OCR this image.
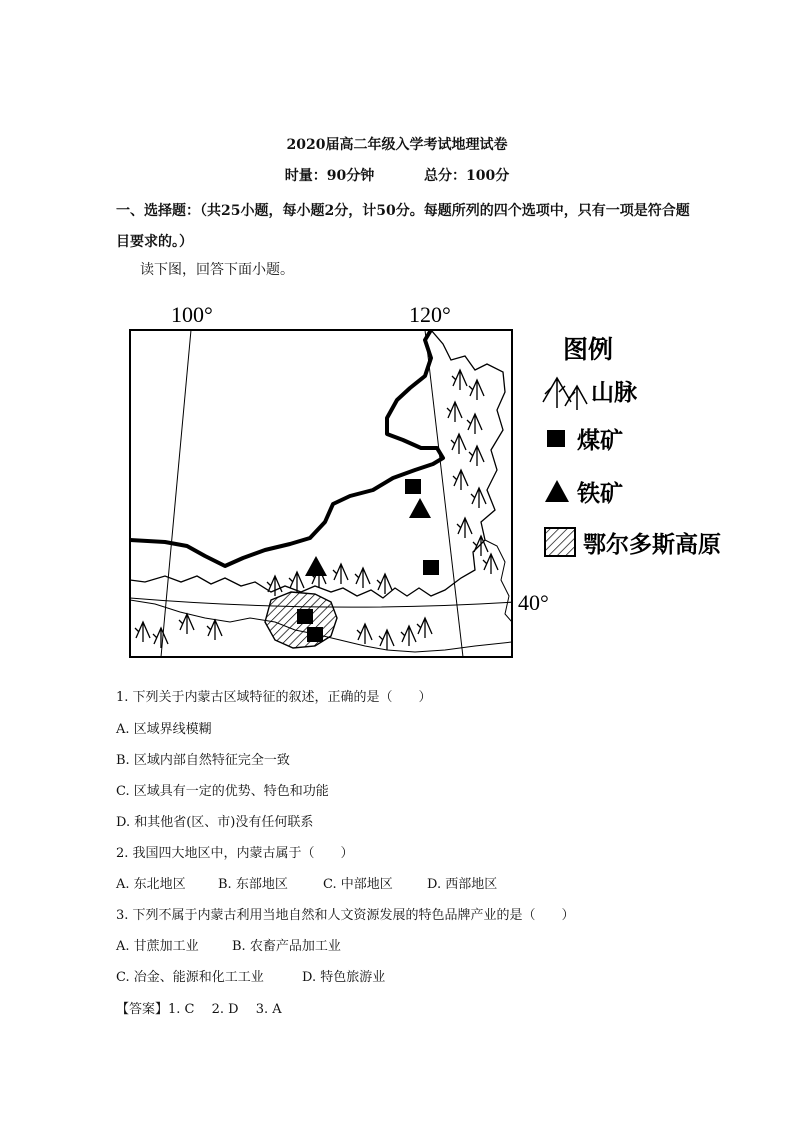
2020届高二年级入学考试地理试卷
时量：90分钟	总分：100分
一、选择题：（共25小题，每小题2分，计50分。每题所列的四个选项中，只有一项是符合题目要求的。）
读下图，回答下面小题。
100°	120°
40°
图例
山脉
煤矿
铁矿
鄂尔多斯高原
1. 下列关于内蒙古区域特征的叙述，正确的是（　　）
A. 区域界线模糊
B. 区域内部自然特征完全一致
C. 区域具有一定的优势、特色和功能
D. 和其他省(区、市)没有任何联系
2. 我国四大地区中，内蒙古属于（　　）
A. 东北地区 B. 东部地区	C. 中部地区	D. 西部地区
3. 下列不属于内蒙古利用当地自然和人文资源发展的特色品牌产业的是（　　）
A. 甘蔗加工业	B. 农畜产品加工业
C. 冶金、能源和化工工业	D. 特色旅游业
【答案】1. C　 2. D　 3. A
